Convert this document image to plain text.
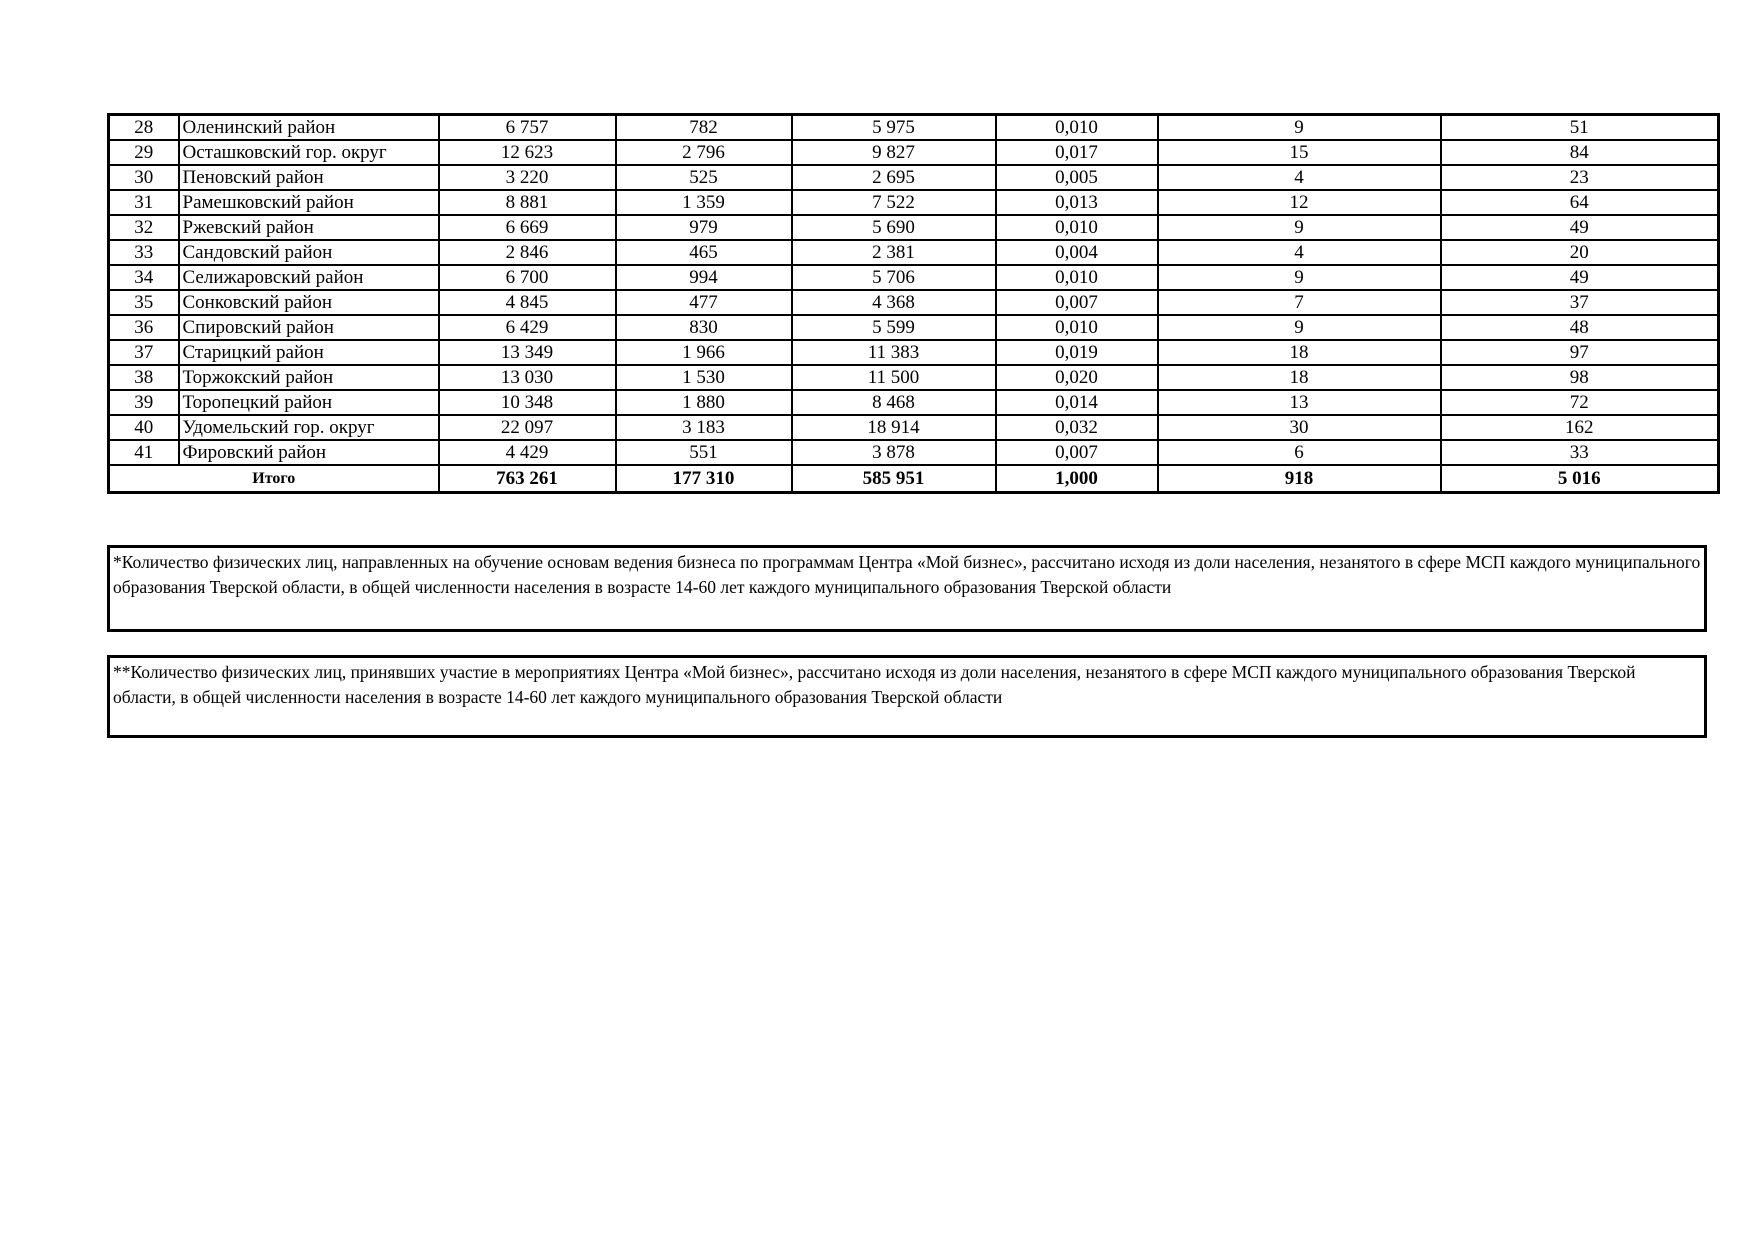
28	Оленинский район	6 757	782	5 975	0,010	9	51
29	Осташковский гор. округ	12 623	2 796	9 827	0,017	15	84
30	Пеновский район	3 220	525	2 695	0,005	4	23
31	Рамешковский район	8 881	1 359	7 522	0,013	12	64
32	Ржевский район	6 669	979	5 690	0,010	9	49
33	Сандовский район	2 846	465	2 381	0,004	4	20
34	Селижаровский район	6 700	994	5 706	0,010	9	49
35	Сонковский район	4 845	477	4 368	0,007	7	37
36	Спировский район	6 429	830	5 599	0,010	9	48
37	Старицкий район	13 349	1 966	11 383	0,019	18	97
38	Торжокский район	13 030	1 530	11 500	0,020	18	98
39	Торопецкий район	10 348	1 880	8 468	0,014	13	72
40	Удомельский гор. округ	22 097	3 183	18 914	0,032	30	162
41	Фировский район	4 429	551	3 878	0,007	6	33
Итого		763 261	177 310	585 951	1,000	918	5 016
*Количество физических лиц, направленных на обучение основам ведения бизнеса по программам Центра «Мой бизнес», рассчитано исходя из доли населения, незанятого в сфере МСП каждого муниципального образования Тверской области, в общей численности населения в возрасте 14-60 лет каждого муниципального образования Тверской области
**Количество физических лиц, принявших участие в мероприятиях Центра «Мой бизнес», рассчитано исходя из доли населения, незанятого в сфере МСП каждого муниципального образования Тверской области, в общей численности населения в возрасте 14-60 лет каждого муниципального образования Тверской области
